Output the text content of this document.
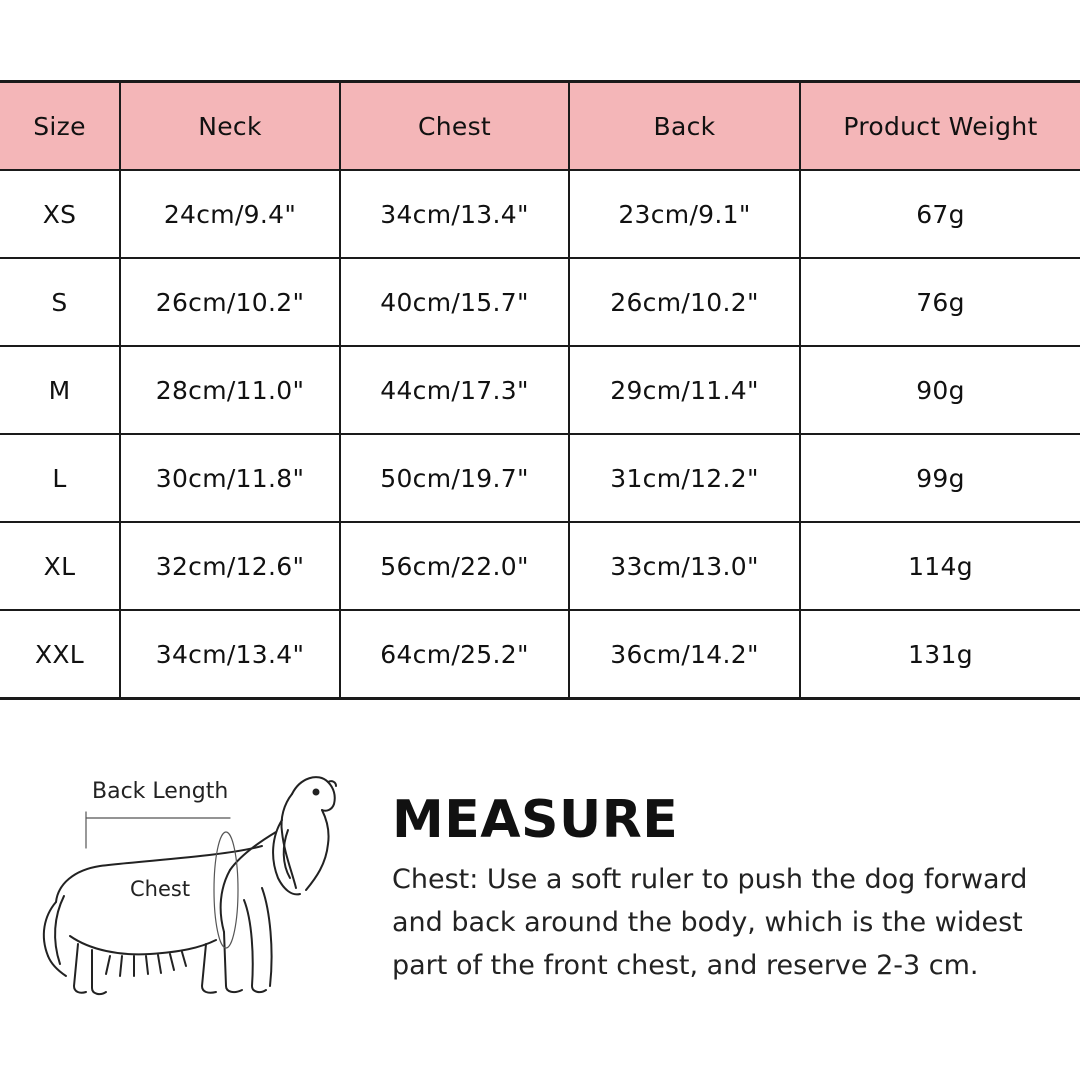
Size	Neck	Chest	Back	Product Weight
XS	24cm/9.4"	34cm/13.4"	23cm/9.1"	67g
S	26cm/10.2"	40cm/15.7"	26cm/10.2"	76g
M	28cm/11.0"	44cm/17.3"	29cm/11.4"	90g
L	30cm/11.8"	50cm/19.7"	31cm/12.2"	99g
XL	32cm/12.6"	56cm/22.0"	33cm/13.0"	114g
XXL	34cm/13.4"	64cm/25.2"	36cm/14.2"	131g
Back Length
Chest
MEASURE
Chest: Use a soft ruler to push the dog forward and back around the body, which is the widest part of the front chest, and reserve 2-3 cm.
